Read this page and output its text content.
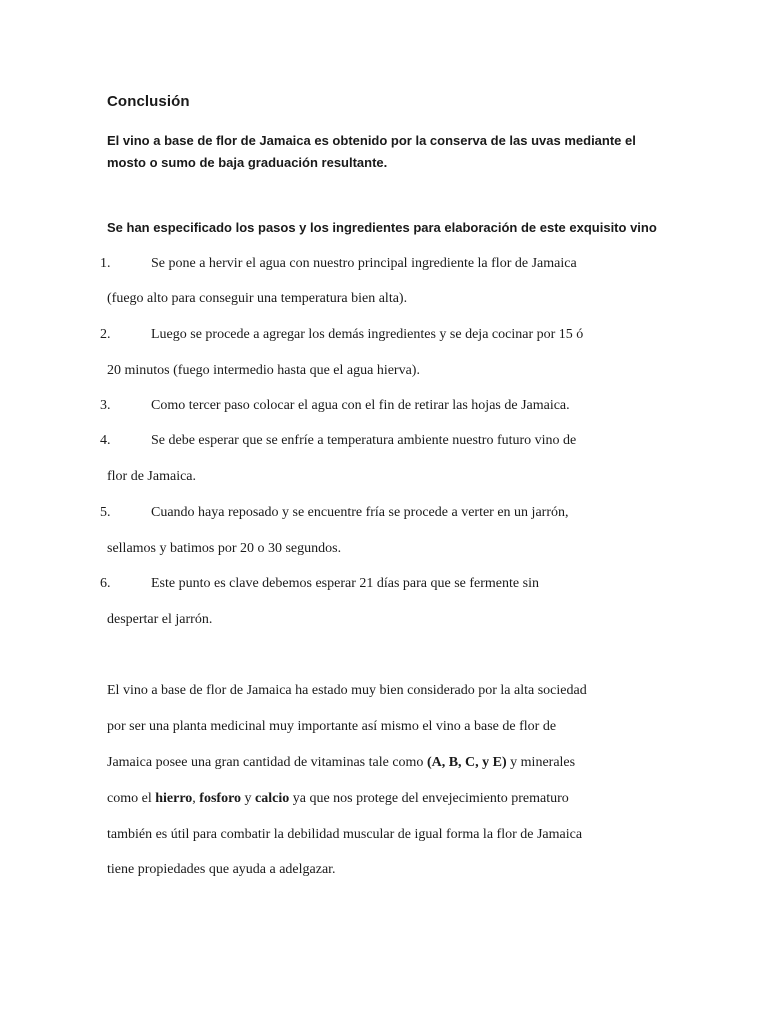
Conclusión
El vino a base de flor de Jamaica es obtenido por la conserva de las uvas mediante el mosto o sumo de baja graduación resultante.
Se han especificado los pasos y los ingredientes para elaboración de este exquisito vino
1.	Se pone a hervir el agua con nuestro principal ingrediente la flor de Jamaica
(fuego alto para conseguir una temperatura bien alta).
2.	Luego se procede a agregar los demás ingredientes y se deja cocinar por 15 ó
20 minutos (fuego intermedio hasta que el agua hierva).
3.	Como tercer paso colocar el agua con el fin de retirar las hojas de Jamaica.
4.	Se debe esperar que se enfríe a temperatura ambiente nuestro futuro vino de
flor de Jamaica.
5.	Cuando haya reposado y se encuentre fría se procede a verter en un jarrón,
sellamos y batimos por 20 o 30 segundos.
6.	Este punto es clave debemos esperar 21 días para que se fermente sin
despertar el jarrón.
El vino a base de flor de Jamaica ha estado muy bien considerado por la alta sociedad
por ser una planta medicinal muy importante así mismo el vino a base de flor de
Jamaica posee una gran cantidad de vitaminas tale como (A, B, C, y E) y minerales
como el hierro, fosforo y calcio ya que nos protege del envejecimiento prematuro
también es útil para combatir la debilidad muscular de igual forma la flor de Jamaica
tiene propiedades que ayuda a adelgazar.
